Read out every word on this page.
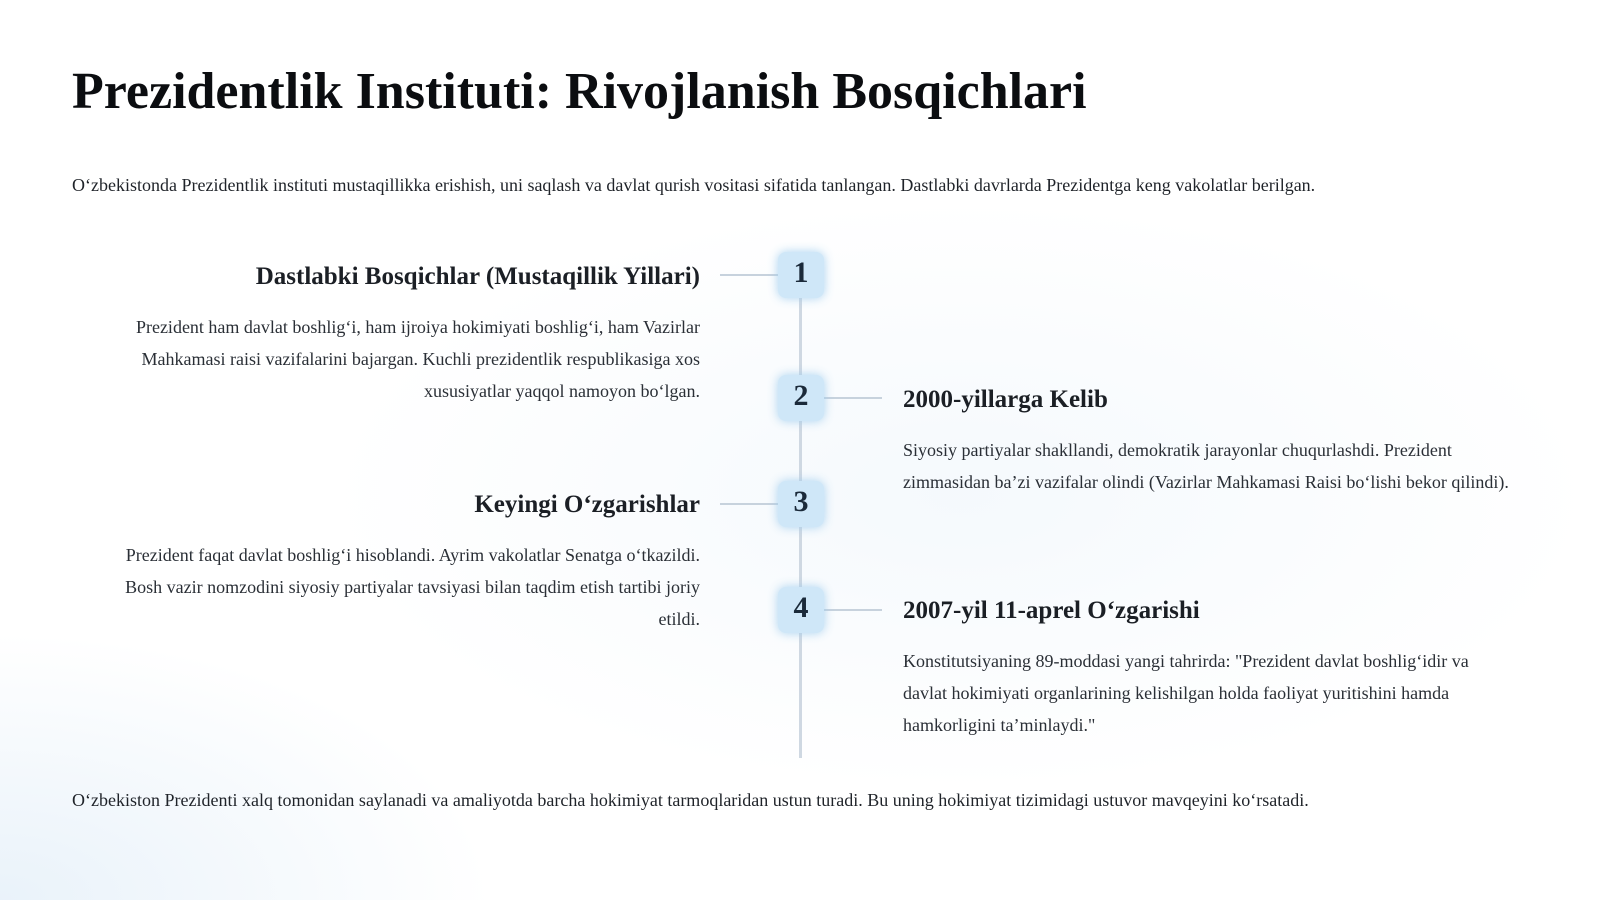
Prezidentlik Instituti: Rivojlanish Bosqichlari

O‘zbekistonda Prezidentlik instituti mustaqillikka erishish, uni saqlash va davlat qurish vositasi sifatida tanlangan. Dastlabki davrlarda Prezidentga keng vakolatlar berilgan.

1
Dastlabki Bosqichlar (Mustaqillik Yillari)

Prezident ham davlat boshlig‘i, ham ijroiya hokimiyati boshlig‘i, ham Vazirlar Mahkamasi raisi vazifalarini bajargan. Kuchli prezidentlik respublikasiga xos xususiyatlar yaqqol namoyon bo‘lgan.	2	2000-yillarga Kelib

Siyosiy partiyalar shakllandi, demokratik jarayonlar chuqurlashdi. Prezident zimmasidan ba’zi vazifalar olindi (Vazirlar Mahkamasi Raisi bo‘lishi bekor qilindi).

3
Keyingi O‘zgarishlar

Prezident faqat davlat boshlig‘i hisoblandi. Ayrim vakolatlar Senatga o‘tkazildi. Bosh vazir nomzodini siyosiy partiyalar tavsiyasi bilan taqdim etish tartibi joriy etildi.	4	2007-yil 11-aprel O‘zgarishi

Konstitutsiyaning 89-moddasi yangi tahrirda: "Prezident davlat boshlig‘idir va davlat hokimiyati organlarining kelishilgan holda faoliyat yuritishini hamda hamkorligini ta’minlaydi."

O‘zbekiston Prezidenti xalq tomonidan saylanadi va amaliyotda barcha hokimiyat tarmoqlaridan ustun turadi. Bu uning hokimiyat tizimidagi ustuvor mavqeyini ko‘rsatadi.
